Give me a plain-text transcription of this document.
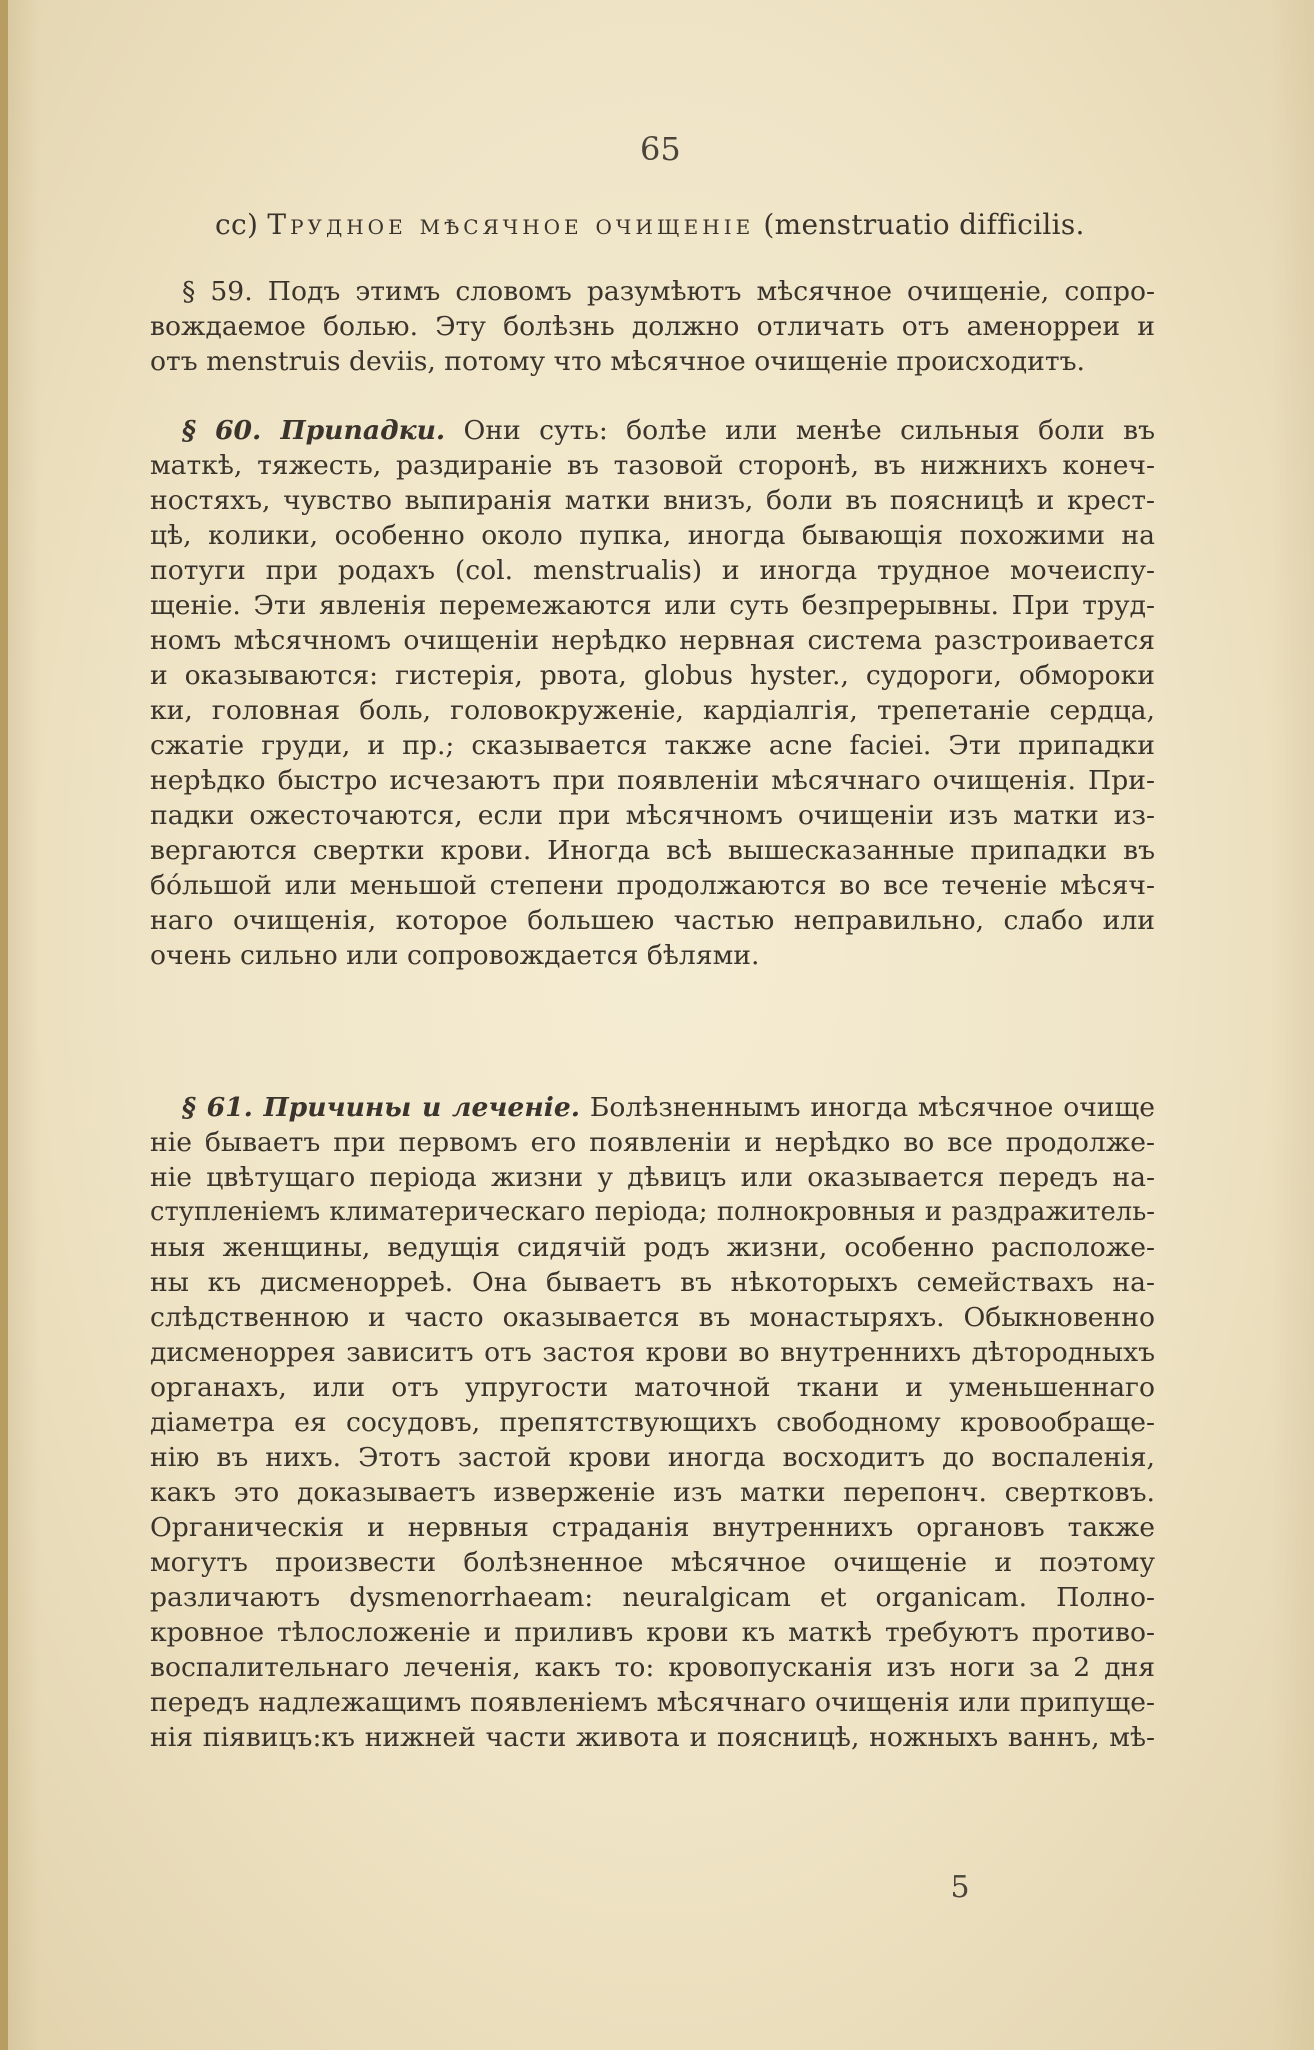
65
cc) Трудное мѣсячное очищеніе (menstruatio difficilis.
§ 59. Подъ этимъ словомъ разумѣютъ мѣсячное очищеніе, сопро-
вождаемое болью. Эту болѣзнь должно отличать отъ аменорреи и
отъ menstruis deviis, потому что мѣсячное очищеніе происходитъ.
§ 60. Припадки. Они суть: болѣе или менѣе сильныя боли въ
маткѣ, тяжесть, раздираніе въ тазовой сторонѣ, въ нижнихъ конеч-
ностяхъ, чувство выпиранія матки внизъ, боли въ поясницѣ и крест-
цѣ, колики, особенно около пупка, иногда бывающія похожими на
потуги при родахъ (col. menstrualis) и иногда трудное мочеиспу-
щеніе. Эти явленія перемежаются или суть безпрерывны. При труд-
номъ мѣсячномъ очищеніи нерѣдко нервная система разстроивается
и оказываются: гистерія, рвота, globus hyster., судороги, обмороки
ки, головная боль, головокруженіе, кардіалгія, трепетаніе сердца,
сжатіе груди, и пр.; сказывается также acne faciei. Эти припадки
нерѣдко быстро исчезаютъ при появленіи мѣсячнаго очищенія. При-
падки ожесточаются, если при мѣсячномъ очищеніи изъ матки из-
вергаются свертки крови. Иногда всѣ вышесказанные припадки въ
бо́льшой или меньшой степени продолжаются во все теченіе мѣсяч-
наго очищенія, которое большею частью неправильно, слабо или
очень сильно или сопровождается бѣлями.
§ 61. Причины и леченіе. Болѣзненнымъ иногда мѣсячное очище
ніе бываетъ при первомъ его появленіи и нерѣдко во все продолже-
ніе цвѣтущаго періода жизни у дѣвицъ или оказывается передъ на-
ступленіемъ климатерическаго періода; полнокровныя и раздражитель-
ныя женщины, ведущія сидячій родъ жизни, особенно расположе-
ны къ дисменорреѣ. Она бываетъ въ нѣкоторыхъ семействахъ на-
слѣдственною и часто оказывается въ монастыряхъ. Обыкновенно
дисменоррея зависитъ отъ застоя крови во внутреннихъ дѣтородныхъ
органахъ, или отъ упругости маточной ткани и уменьшеннаго
діаметра ея сосудовъ, препятствующихъ свободному кровообраще-
нію въ нихъ. Этотъ застой крови иногда восходитъ до воспаленія,
какъ это доказываетъ изверженіе изъ матки перепонч. свертковъ.
Органическія и нервныя страданія внутреннихъ органовъ также
могутъ произвести болѣзненное мѣсячное очищеніе и поэтому
различаютъ dysmenorrhaeam: neuralgicam et organicam. Полно-
кровное тѣлосложеніе и приливъ крови къ маткѣ требуютъ противо-
воспалительнаго леченія, какъ то: кровопусканія изъ ноги за 2 дня
передъ надлежащимъ появленіемъ мѣсячнаго очищенія или припуще-
нія піявицъ:къ нижней части живота и поясницѣ, ножныхъ ваннъ, мѣ-
5
